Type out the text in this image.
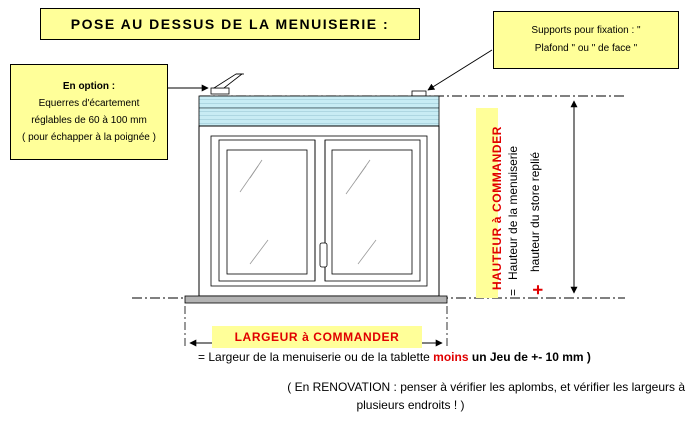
POSE AU DESSUS DE LA MENUISERIE :
En option :
Equerres d'écartement
réglables de 60 à 100 mm
( pour échapper à la poignée )
Supports pour fixation : "
Plafond " ou " de face "
HAUTEUR à COMMANDER
=
Hauteur de la menuiserie
+
hauteur du store replié
LARGEUR à COMMANDER
= Largeur de la menuiserie ou de la tablette moins un Jeu de +- 10 mm )
( En RENOVATION : penser à vérifier les aplombs, et vérifier les largeurs à
plusieurs endroits ! )
